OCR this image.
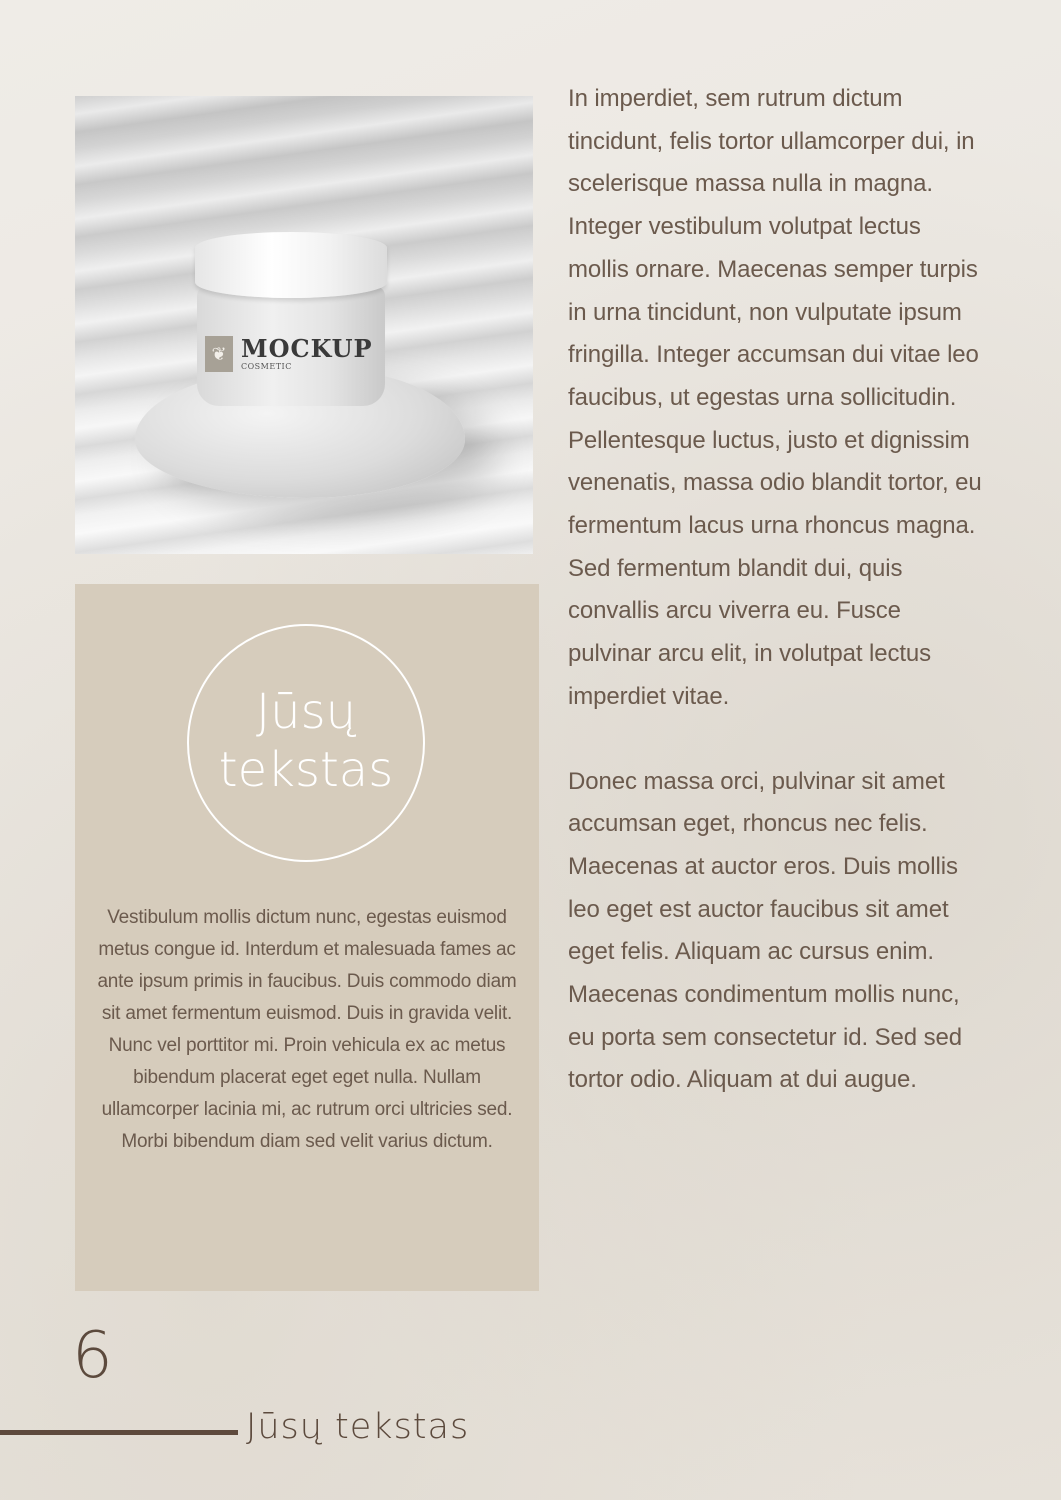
❦ MOCKUP
COSMETIC
Jūsų tekstas
Vestibulum mollis dictum nunc, egestas euismod metus congue id. Interdum et malesuada fames ac ante ipsum primis in faucibus. Duis commodo diam sit amet fermentum euismod. Duis in gravida velit. Nunc vel porttitor mi. Proin vehicula ex ac metus bibendum placerat eget eget nulla. Nullam ullamcorper lacinia mi, ac rutrum orci ultricies sed. Morbi bibendum diam sed velit varius dictum.

In imperdiet, sem rutrum dictum tincidunt, felis tortor ullamcorper dui, in scelerisque massa nulla in magna. Integer vestibulum volutpat lectus mollis ornare. Maecenas semper turpis in urna tincidunt, non vulputate ipsum fringilla. Integer accumsan dui vitae leo faucibus, ut egestas urna sollicitudin. Pellentesque luctus, justo et dignissim venenatis, massa odio blandit tortor, eu fermentum lacus urna rhoncus magna. Sed fermentum blandit dui, quis convallis arcu viverra eu. Fusce pulvinar arcu elit, in volutpat lectus imperdiet vitae.

Donec massa orci, pulvinar sit amet accumsan eget, rhoncus nec felis. Maecenas at auctor eros. Duis mollis leo eget est auctor faucibus sit amet eget felis. Aliquam ac cursus enim. Maecenas condimentum mollis nunc, eu porta sem consectetur id. Sed sed tortor odio. Aliquam at dui augue.

6
Jūsų tekstas
